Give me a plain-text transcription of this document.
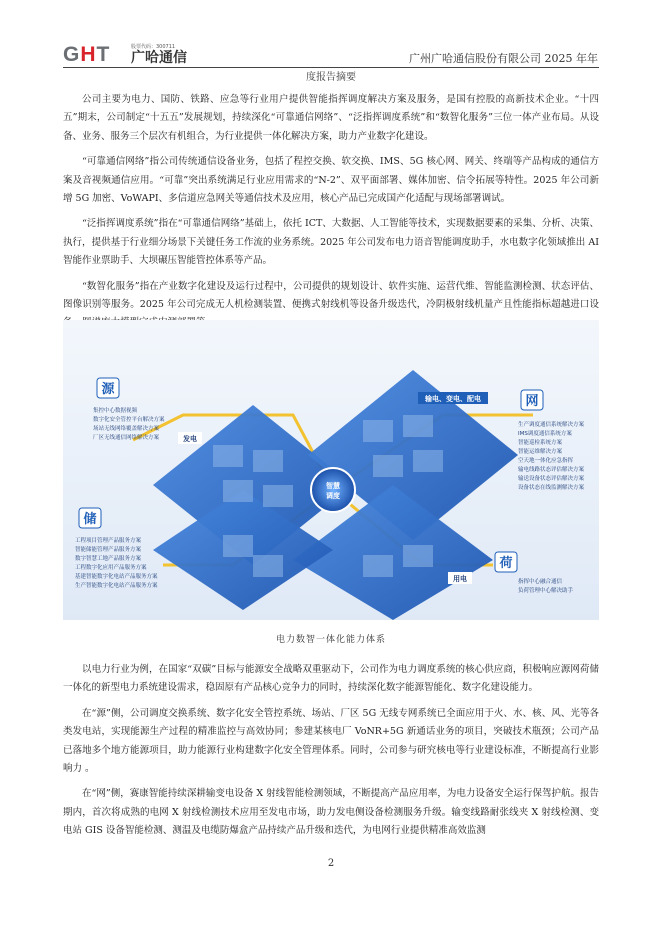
GHT	股票代码：300711
广哈通信	广州广哈通信股份有限公司 2025 年年
度报告摘要

公司主要为电力、国防、铁路、应急等行业用户提供智能指挥调度解决方案及服务，是国有控股的高新技术企业。“十四五”期末，公司制定“十五五”发展规划，持续深化“可靠通信网络”、“泛指挥调度系统”和“数智化服务”三位一体产业布局。从设备、业务、服务三个层次有机组合，为行业提供一体化解决方案，助力产业数字化建设。

“可靠通信网络”指公司传统通信设备业务，包括了程控交换、软交换、IMS、5G 核心网、网关、终端等产品构成的通信方案及音视频通信应用。“可靠”突出系统满足行业应用需求的“N-2”、双平面部署、媒体加密、信令拓展等特性。2025 年公司新增 5G 加密、VoWAPI、多信道应急网关等通信技术及应用，核心产品已完成国产化适配与现场部署调试。

“泛指挥调度系统”指在“可靠通信网络”基础上，依托 ICT、大数据、人工智能等技术，实现数据要素的采集、分析、决策、执行，提供基于行业细分场景下关键任务工作流的业务系统。2025 年公司发布电力语音智能调度助手，水电数字化领域推出 AI 智能作业票助手、大坝碾压智能管控体系等产品。

“数智化服务”指在产业数字化建设及运行过程中，公司提供的规划设计、软件实施、运营代维、智能监测检测、状态评估、图像识别等服务。2025 年公司完成无人机检测装置、便携式射线机等设备升级迭代，冷阴极射线机量产且性能指标超越进口设

智慧
调度
发电
输电、变电、配电
用电
源
网
储
荷
集控中心数据视频
数字化安全管控平台解决方案
场站无线网络覆盖解决方案
厂区无线通信网络解决方案
工程项目管理产品服务方案
智能储能管理产品服务方案
数字智慧工地产品服务方案
工程数字化应用产品服务方案
基建智能数字化电站产品服务方案
生产智能数字化电站产品服务方案
生产调度通信系统解决方案
IMS调度通信系统方案
智能巡检系统方案
智能运维解决方案
空天地一体化应急指挥
输电线路状态评估解决方案
输送设备状态评估解决方案
设备状态在线监测解决方案
指挥中心融合通信
负荷管理中心解决助手
电力数智一体化能力体系

以电力行业为例，在国家“双碳”目标与能源安全战略双重驱动下，公司作为电力调度系统的核心供应商，积极响应源网荷储一体化的新型电力系统建设需求，稳固原有产品核心竞争力的同时，持续深化数字能源智能化、数字化建设能力。

在“源”侧，公司调度交换系统、数字化安全管控系统、场站、厂区 5G 无线专网系统已全面应用于火、水、核、风、光等各类发电站，实现能源生产过程的精准监控与高效协同；参建某核电厂 VoNR+5G 新通话业务的项目，突破技术瓶颈；公司产品已落地多个地方能源项目，助力能源行业构建数字化安全管理体系。同时，公司参与研究核电等行业建设标准，不断提高行业影响力 。

在“网”侧，赛康智能持续深耕输变电设备 X 射线智能检测领域，不断提高产品应用率，为电力设备安全运行保驾护航。报告期内，首次将成熟的电网 X 射线检测技术应用至发电市场，助力发电侧设备检测服务升级。输变线路耐张线夹 X 射线检测、变电站 GIS 设备智能检测、测温及电缆防爆盒产品持续产品升级和迭代，为电网行业提供精准高效监测

2
